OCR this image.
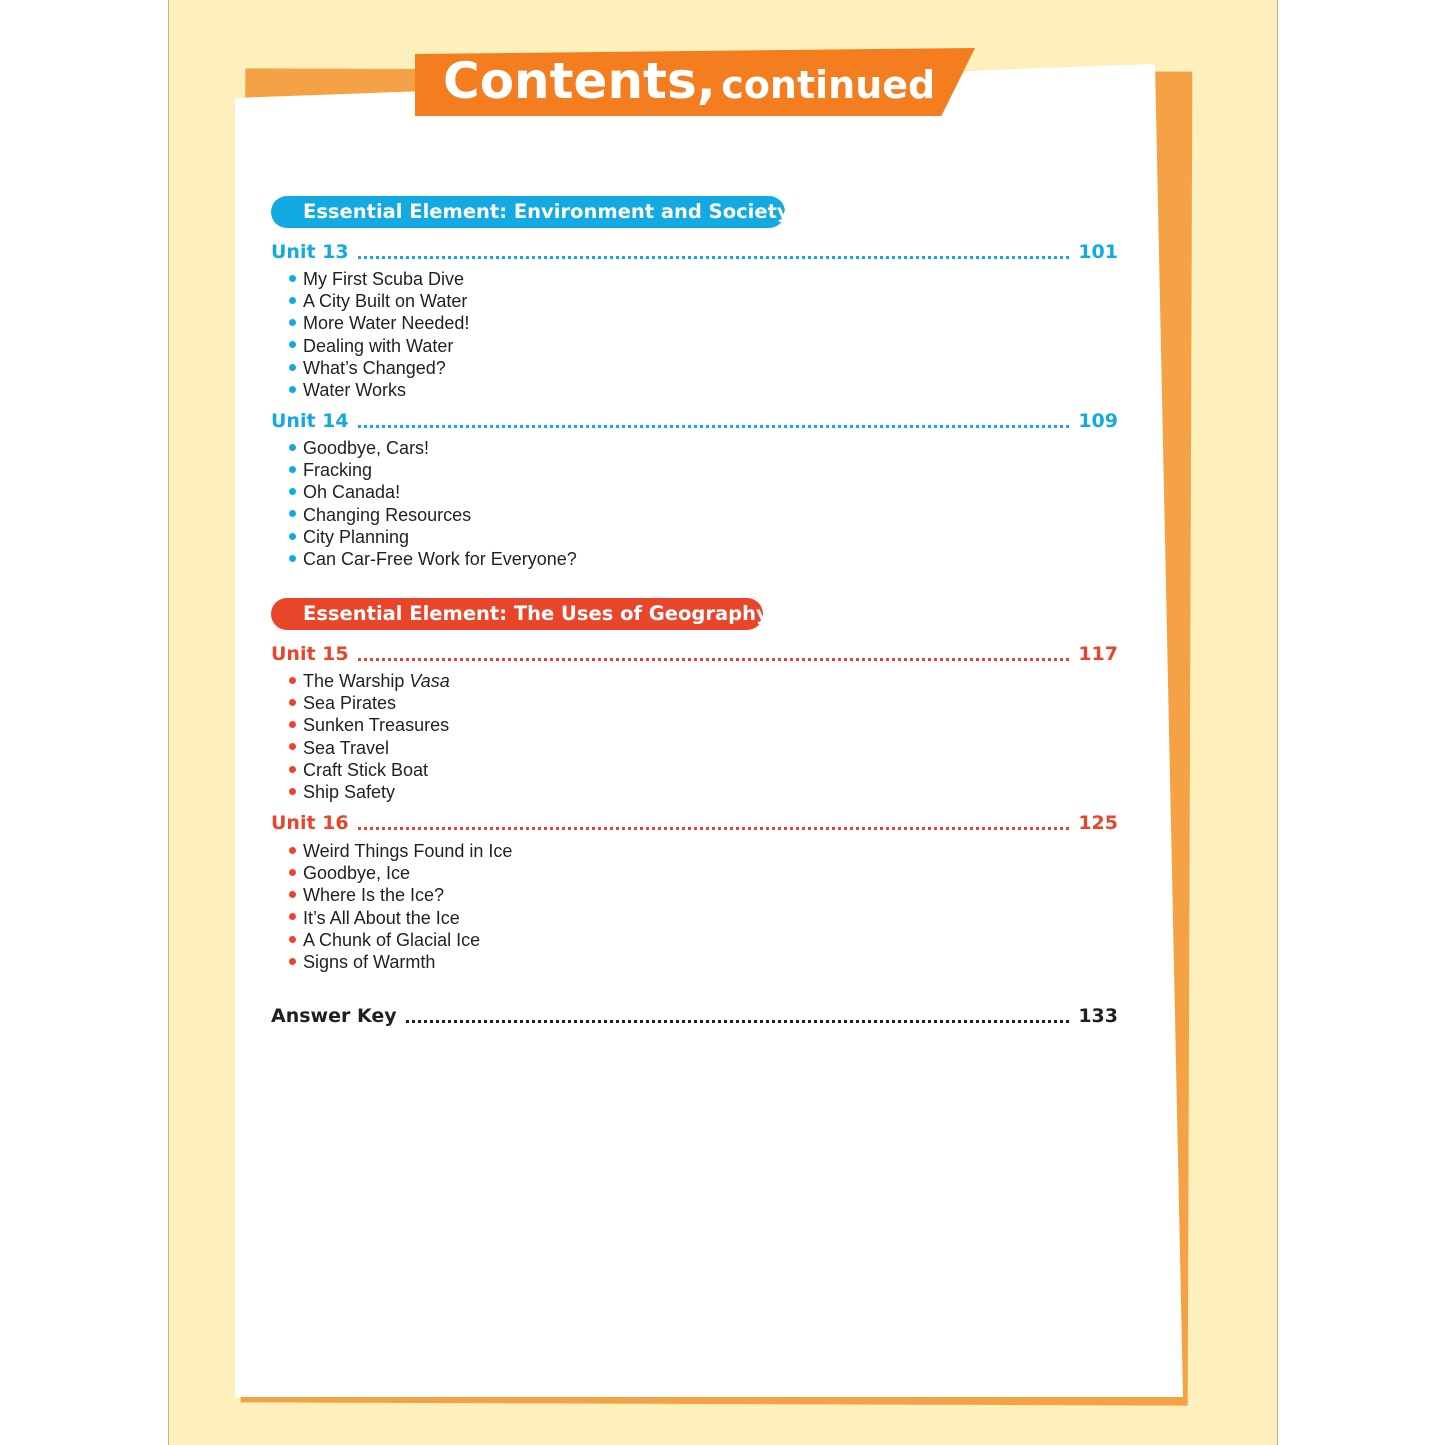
Contents, continued
Essential Element: Environment and Society
Unit 13	101
My First Scuba Dive
A City Built on Water
More Water Needed!
Dealing with Water
What’s Changed?
Water Works
Unit 14	109
Goodbye, Cars!
Fracking
Oh Canada!
Changing Resources
City Planning
Can Car-Free Work for Everyone?
Essential Element: The Uses of Geography
Unit 15	117
The Warship Vasa
Sea Pirates
Sunken Treasures
Sea Travel
Craft Stick Boat
Ship Safety
Unit 16	125
Weird Things Found in Ice
Goodbye, Ice
Where Is the Ice?
It’s All About the Ice
A Chunk of Glacial Ice
Signs of Warmth
Answer Key	133
